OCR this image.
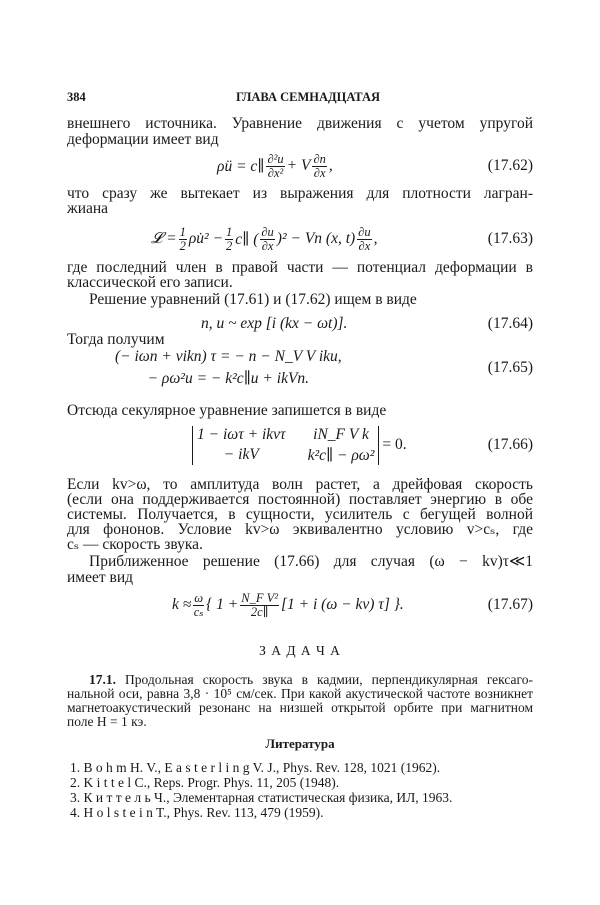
384	ГЛАВА СЕМНАДЦАТАЯ
внешнего источника. Уравнение движения с учетом упругой
деформации имеет вид
ρü = c∥ $\frac{\text{∂²u}}{\text{∂x²}} + V \frac{\partial n}{\partial x}$ ,	(17.62)
что сразу же вытекает из выражения для плотности лагран-
жиана
𝓛 = $\frac{1}{2}$ ρu̇² − $\frac{1}{2}$ c∥ ( $\frac{\partial u}{\partial x} )^2 - Vn$ (x, $t) \frac{\partial u}{\partial x}$ ,	(17.63)
где последний член в правой части — потенциал деформации в
классической его записи.
Решение уравнений (17.61) и (17.62) ищем в виде
n, u ~ exp [i (kx − ωt)].	(17.64)
Тогда получим
(− iωn + vikn) τ = − n − N_V V iku,
− ρω²u = − k²c∥u + ikVn.
(17.65)
Отсюда секулярное уравнение запишется в виде
1 − iωτ + ikvτ	iN_F V k
− ikV	k²c∥ − ρω²
= 0.	(17.66)
Если kv>ω, то амплитуда волн растет, а дрейфовая скорость
(если она поддерживается постоянной) поставляет энергию в обе
системы. Получается, в сущности, усилитель с бегущей волной
для фононов. Условие kv>ω эквивалентно условию v>cₛ, где
cₛ — скорость звука.
Приближенное решение (17.66) для случая (ω − kv)τ≪1
имеет вид
$k \approx \frac{\omega}{\text{cₛ}}$ { $1 + \frac{\text{N\_F V²}}{2c\parallel} [1 + i$ (ω − kv) τ] }.	(17.67)
З А Д А Ч А
17.1. Продольная скорость звука в кадмии, перпендикулярная гексаго-
нальной оси, равна 3,8 · 10⁵ см/сек. При какой акустической частоте возникнет
магнетоакустический резонанс на низшей открытой орбите при магнитном
поле H = 1 кэ.
Литература
1. B o h m H. V., E a s t e r l i n g V. J., Phys. Rev. 128, 1021 (1962).
2. K i t t e l C., Reps. Progr. Phys. 11, 205 (1948).
3. К и т т е л ь Ч., Элементарная статистическая физика, ИЛ, 1963.
4. H o l s t e i n T., Phys. Rev. 113, 479 (1959).
